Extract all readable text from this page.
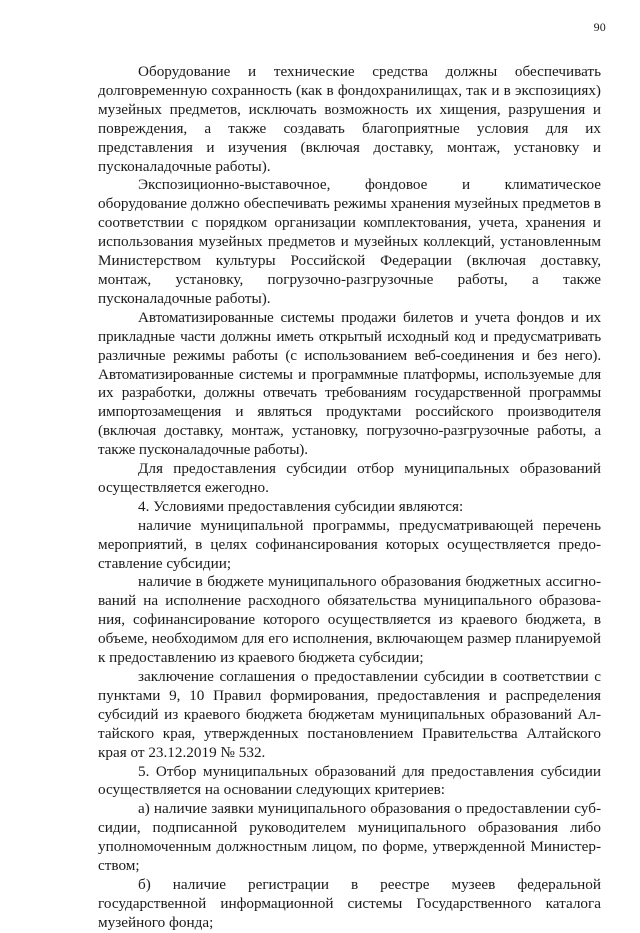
90

Оборудование и технические средства должны обеспечивать долговременную сохранность (как в фондохранилищах, так и в экспозициях) музейных предметов, исключать возможность их хищения, разрушения и повреждения, а также создавать благоприятные условия для их представления и изучения (включая доставку, монтаж, установку и пусконаладочные работы).

Экспозиционно-выставочное, фондовое и климатическое оборудование должно обеспечивать режимы хранения музейных предметов в соответствии с порядком организации комплектования, учета, хранения и использования музейных предметов и музейных коллекций, установленным Министерством культуры Российской Федерации (включая доставку, монтаж, установку, погрузочно-разгрузочные работы, а также пусконаладочные работы).

Автоматизированные системы продажи билетов и учета фондов и их прикладные части должны иметь открытый исходный код и предусматривать различные режимы работы (с использованием веб-соединения и без него). Автоматизированные системы и программные платформы, используемые для их разработки, должны отвечать требованиям государственной программы импортозамещения и являться продуктами российского производителя (включая доставку, монтаж, установку, погрузочно-разгрузочные работы, а также пусконаладочные работы).

Для предоставления субсидии отбор муниципальных образований осуществляется ежегодно.

4. Условиями предоставления субсидии являются:

наличие муниципальной программы, предусматривающей перечень мероприятий, в целях софинансирования которых осуществляется предоставление субсидии;

наличие в бюджете муниципального образования бюджетных ассигнований на исполнение расходного обязательства муниципального образования, софинансирование которого осуществляется из краевого бюджета, в объеме, необходимом для его исполнения, включающем размер планируемой к предоставлению из краевого бюджета субсидии;

заключение соглашения о предоставлении субсидии в соответствии с пунктами 9, 10 Правил формирования, предоставления и распределения субсидий из краевого бюджета бюджетам муниципальных образований Алтайского края, утвержденных постановлением Правительства Алтайского края от 23.12.2019 № 532.

5. Отбор муниципальных образований для предоставления субсидии осуществляется на основании следующих критериев:

а) наличие заявки муниципального образования о предоставлении субсидии, подписанной руководителем муниципального образования либо уполномоченным должностным лицом, по форме, утвержденной Министерством;

б) наличие регистрации в реестре музеев федеральной государственной информационной системы Государственного каталога музейного фонда;
